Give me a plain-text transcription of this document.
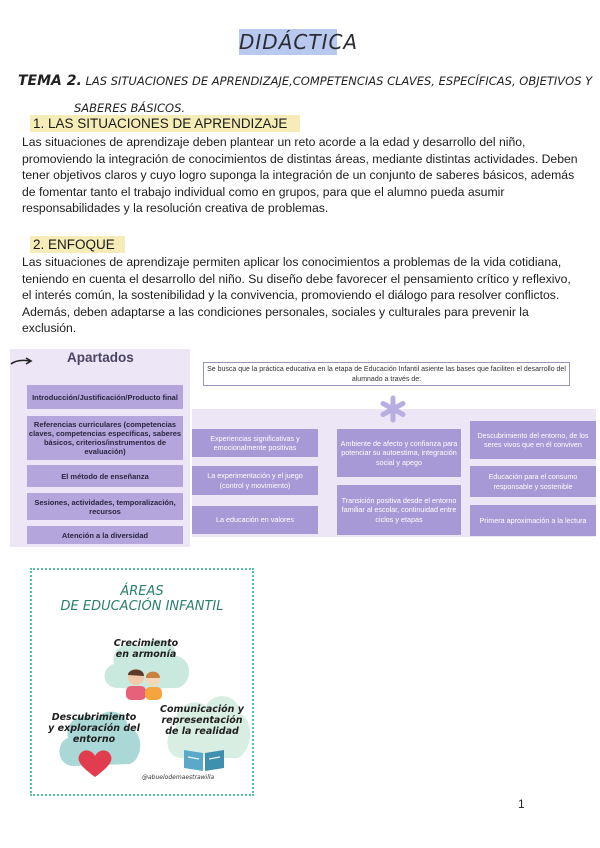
DIDÁCTICA
TEMA 2. LAS SITUACIONES DE APRENDIZAJE,COMPETENCIAS CLAVES, ESPECÍFICAS, OBJETIVOS Y
SABERES BÁSICOS.
1. LAS SITUACIONES DE APRENDIZAJE
Las situaciones de aprendizaje deben plantear un reto acorde a la edad y desarrollo del niño, promoviendo la integración de conocimientos de distintas áreas, mediante distintas actividades. Deben tener objetivos claros y cuyo logro suponga la integración de un conjunto de saberes básicos, además de fomentar tanto el trabajo individual como en grupos, para que el alumno pueda asumir responsabilidades y la resolución creativa de problemas.
2. ENFOQUE
Las situaciones de aprendizaje permiten aplicar los conocimientos a problemas de la vida cotidiana, teniendo en cuenta el desarrollo del niño. Su diseño debe favorecer el pensamiento crítico y reflexivo, el interés común, la sostenibilidad y la convivencia, promoviendo el diálogo para resolver conflictos. Además, deben adaptarse a las condiciones personales, sociales y culturales para prevenir la exclusión.
Apartados
Introducción/Justificación/Producto final
Referencias curriculares (competencias claves, competencias específicas, saberes básicos, criterios/instrumentos de evaluación)
El método de enseñanza
Sesiones, actividades, temporalización, recursos
Atención a la diversidad
Se busca que la práctica educativa en la etapa de Educación Infantil asiente las bases que faciliten el desarrollo del alumnado a través de:
Experiencias significativas y emocionalmente positivas
La experimentación y el juego (control y movimiento)
La educación en valores
Ambiente de afecto y confianza para potenciar su autoestima, integración social y apego
Transición positiva desde el entorno familiar al escolar, continuidad entre ciclos y etapas
Descubrimiento del entorno, de los seres vivos que en él conviven
Educación para el consumo responsable y sostenible
Primera aproximación a la lectura
ÁREAS
DE EDUCACIÓN INFANTIL
Crecimiento en armonía
Descubrimiento y exploración del entorno
Comunicación y representación de la realidad
@abuelodemaestrawilla
1
